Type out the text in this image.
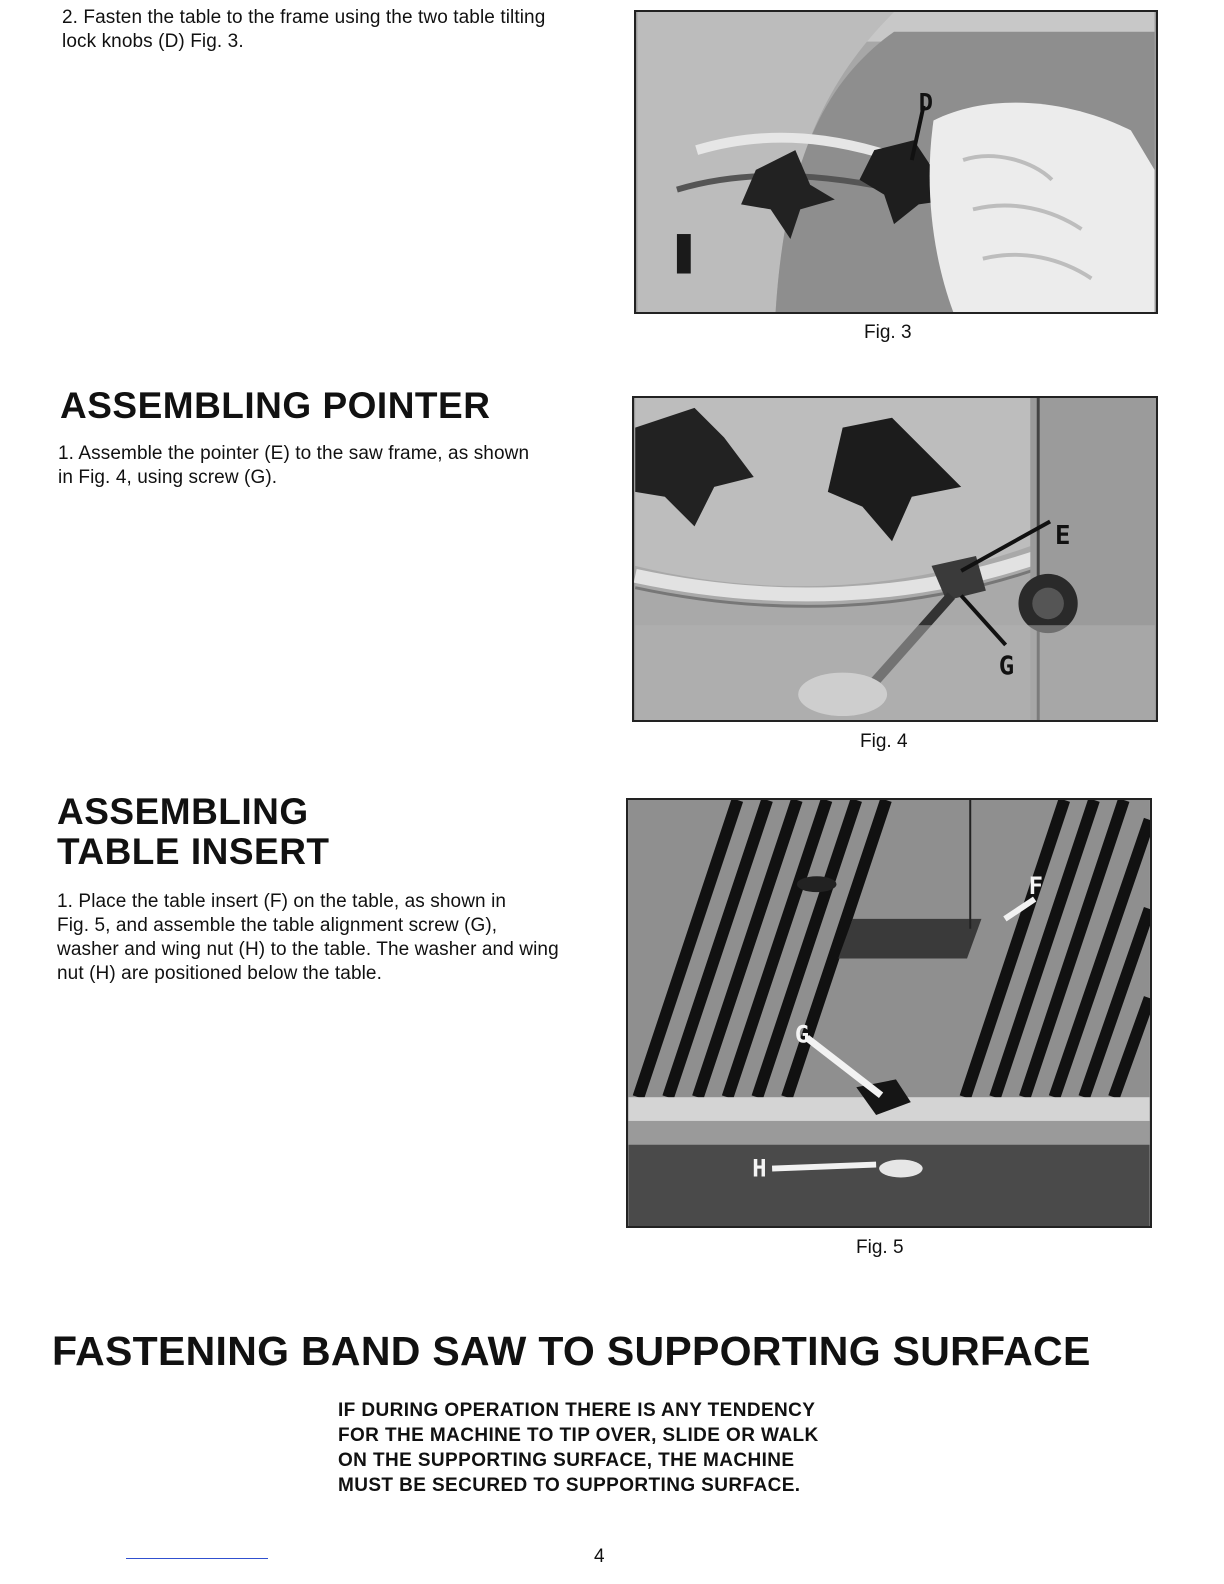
2. Fasten the table to the frame using the two table tilting
lock knobs (D) Fig. 3.
D
Fig. 3
ASSEMBLING POINTER
1. Assemble the pointer (E) to the saw frame, as shown
in Fig. 4, using screw (G).
E
G
Fig. 4
ASSEMBLING
TABLE INSERT
1. Place the table insert (F) on the table, as shown in
Fig. 5, and assemble the table alignment screw (G),
washer and wing nut (H) to the table. The washer and wing
nut (H) are positioned below the table.
G
F
H
Fig. 5
FASTENING BAND SAW TO SUPPORTING SURFACE
IF DURING OPERATION THERE IS ANY TENDENCY
FOR THE MACHINE TO TIP OVER, SLIDE OR WALK
ON THE SUPPORTING SURFACE, THE MACHINE
MUST BE SECURED TO SUPPORTING SURFACE.
4
